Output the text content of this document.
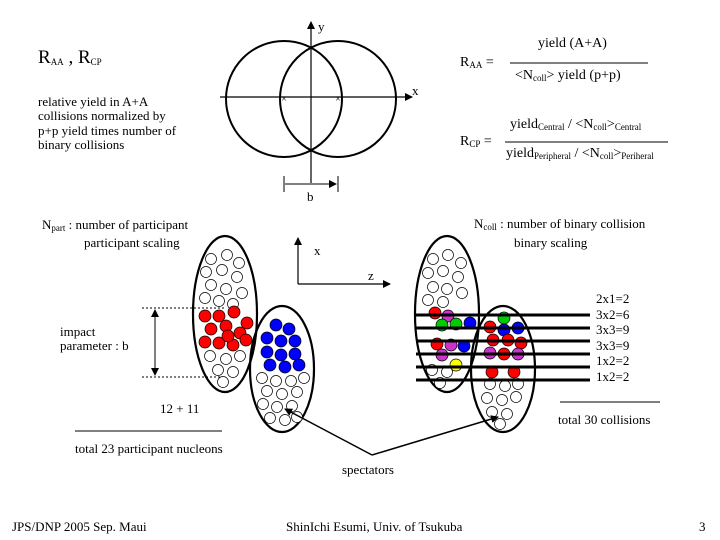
×	×
$R_{AA}$ , $R_{CP}$
relative yield in A+A
collisions normalized by
p+p yield times number of
binary collisions
yield (A+A)
$R_{AA}$ =
$<N_{coll}>$ yield (p+p)
yield$_{Central}$ / $<N_{coll}>_{Central}$
$R_{CP}$ =
yield$_{Peripheral}$ / $<N_{coll}>_{Periheral}$
y
x
b
x
z
$N_{part}$ : number of participant
participant scaling
$N_{coll}$ : number of binary collision
binary scaling
impact
parameter : b
12 + 11
total 23 participant nucleons
2x1=2
3x2=6
3x3=9
3x3=9
1x2=2
1x2=2
total 30 collisions
spectators
JPS/DNP 2005 Sep. Maui	ShinIchi Esumi, Univ. of Tsukuba	3
